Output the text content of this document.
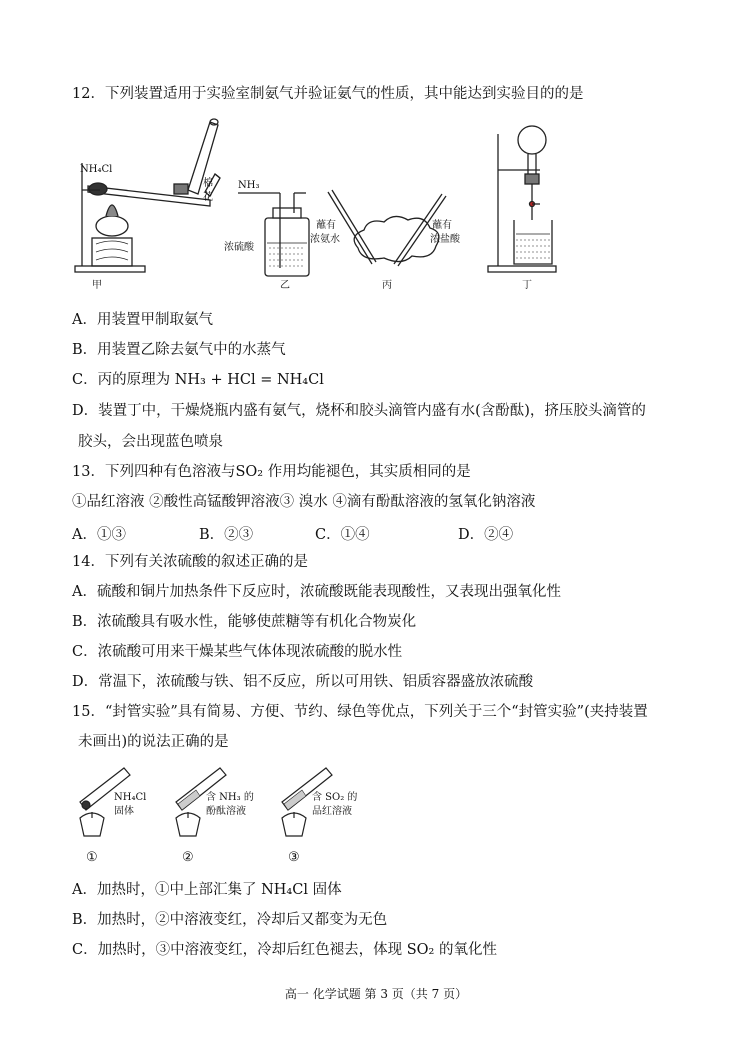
12．下列装置适用于实验室制氨气并验证氨气的性质，其中能达到实验目的的是
NH₄Cl
棉
花
NH₃
浓硫酸
蘸有
浓氨水
蘸有
浓盐酸
甲	乙	丙	丁
A．用装置甲制取氨气
B．用装置乙除去氨气中的水蒸气
C．丙的原理为 NH₃ + HCl = NH₄Cl
D．装置丁中，干燥烧瓶内盛有氨气，烧杯和胶头滴管内盛有水(含酚酞)，挤压胶头滴管的
胶头，会出现蓝色喷泉
13．下列四种有色溶液与SO₂ 作用均能褪色，其实质相同的是
①品红溶液 ②酸性高锰酸钾溶液③ 溴水 ④滴有酚酞溶液的氢氧化钠溶液
A．①③	B．②③	C．①④	D．②④
14．下列有关浓硫酸的叙述正确的是
A．硫酸和铜片加热条件下反应时，浓硫酸既能表现酸性，又表现出强氧化性
B．浓硫酸具有吸水性，能够使蔗糖等有机化合物炭化
C．浓硫酸可用来干燥某些气体体现浓硫酸的脱水性
D．常温下，浓硫酸与铁、铝不反应，所以可用铁、铝质容器盛放浓硫酸
15．“封管实验”具有简易、方便、节约、绿色等优点，下列关于三个“封管实验”(夹持装置
未画出)的说法正确的是
NH₄Cl
固体
含 NH₃ 的
酚酞溶液
含 SO₂ 的
品红溶液
①	②	③
A．加热时，①中上部汇集了 NH₄Cl 固体
B．加热时，②中溶液变红，冷却后又都变为无色
C．加热时，③中溶液变红，冷却后红色褪去，体现 SO₂ 的氧化性
高一 化学试题 第 3 页（共 7 页）
